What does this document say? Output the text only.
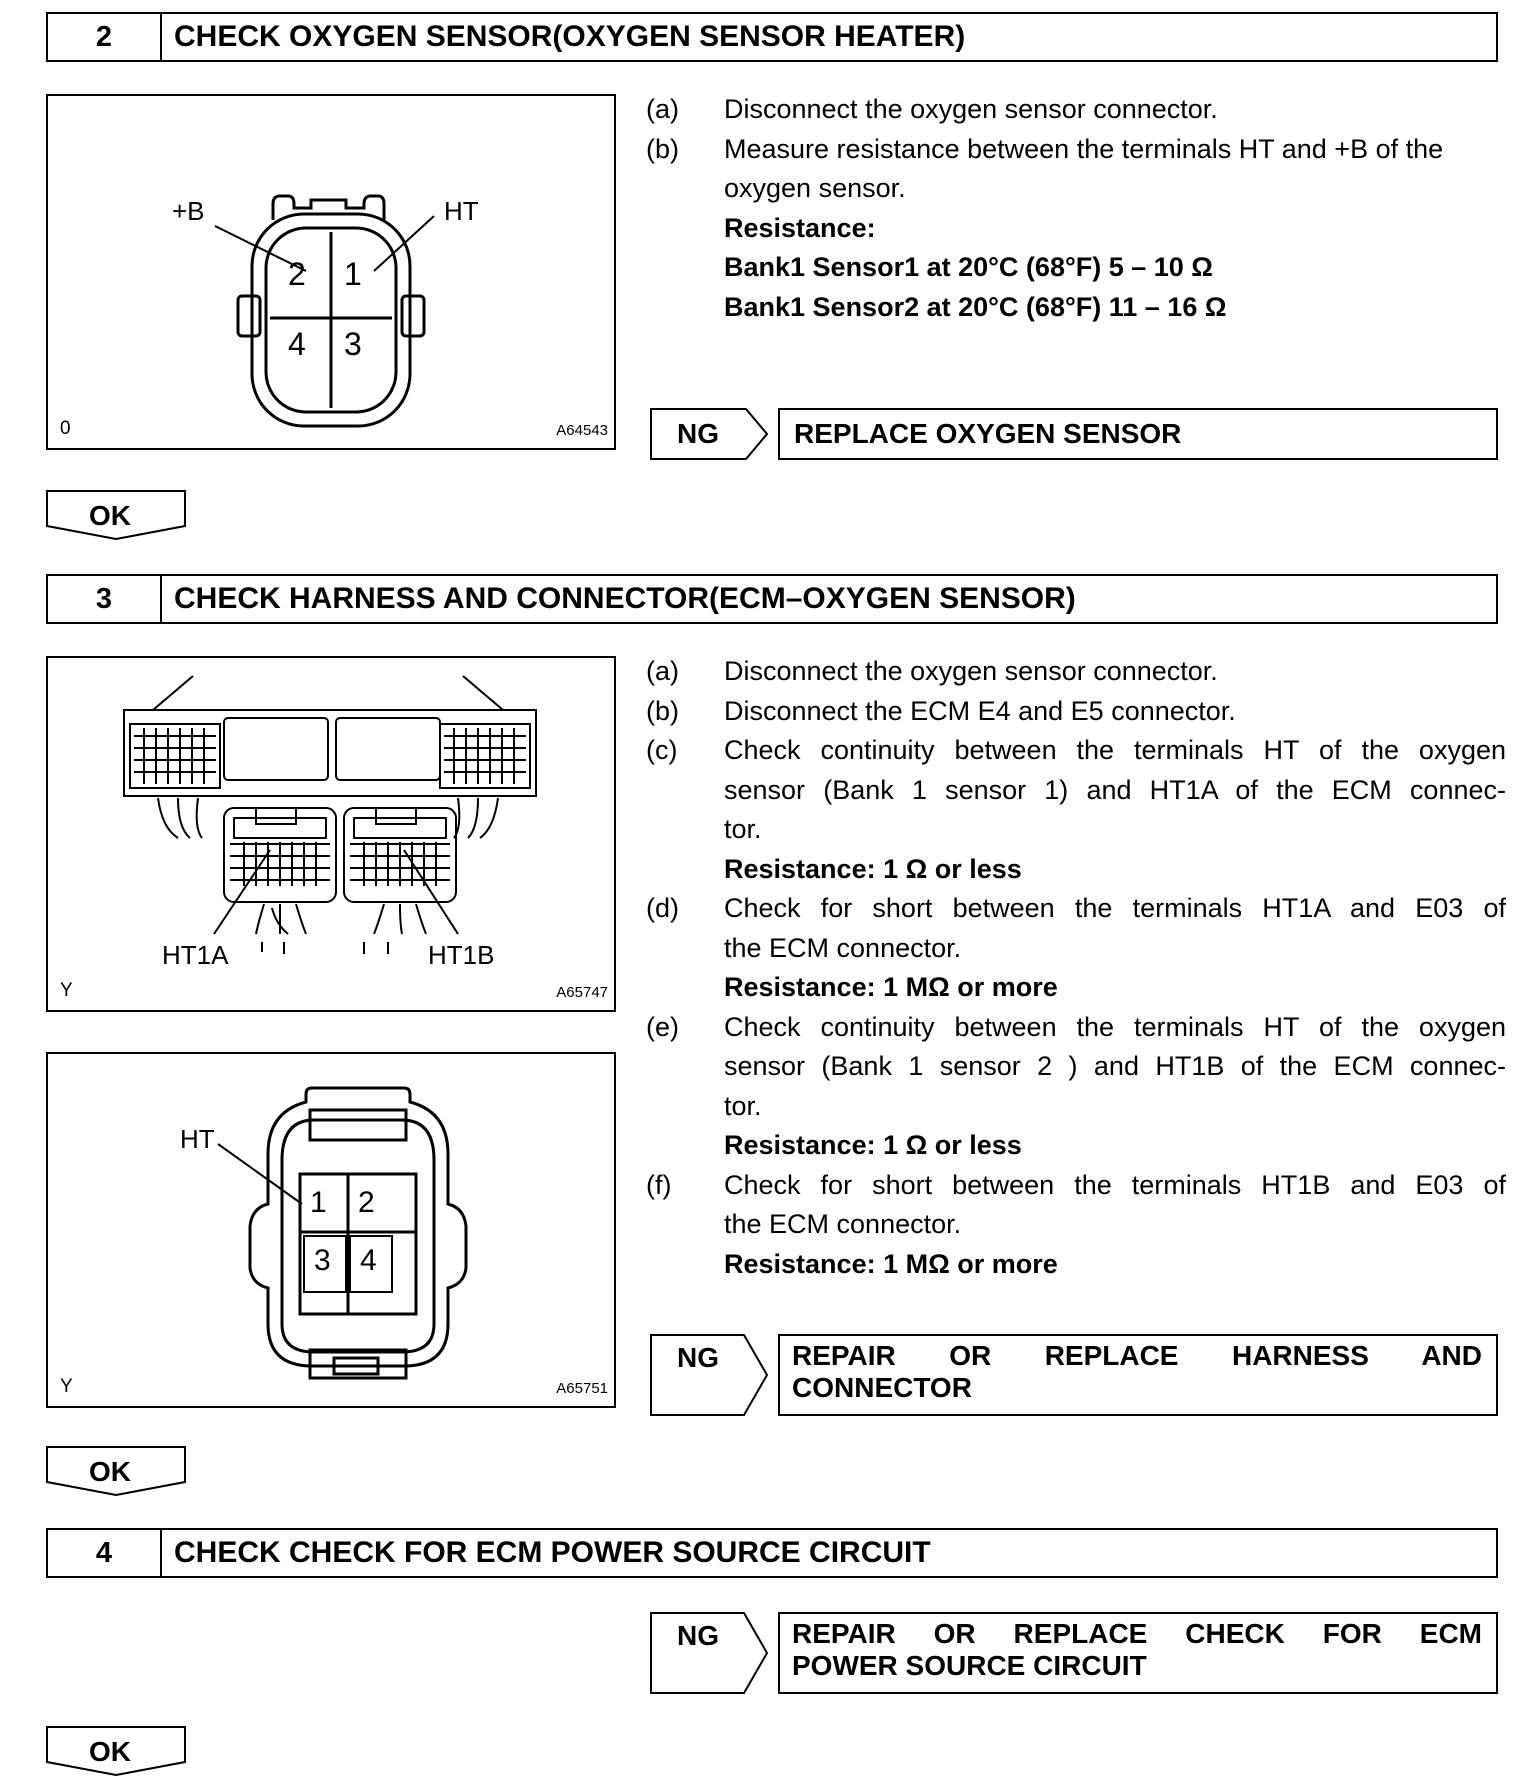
2	CHECK OXYGEN SENSOR(OXYGEN SENSOR HEATER)
+B	HT
2 1
4 3
0	A64543
(a) Disconnect the oxygen sensor connector.
(b) Measure resistance between the terminals HT and +B of the oxygen sensor.
Resistance:
Bank1 Sensor1 at 20°C (68°F) 5 – 10 Ω
Bank1 Sensor2 at 20°C (68°F) 11 – 16 Ω
NG	REPLACE OXYGEN SENSOR
OK
3	CHECK HARNESS AND CONNECTOR(ECM–OXYGEN SENSOR)
HT1A	HT1B
Y	A65747
HT
1 2
3 4
Y	A65751
(a) Disconnect the oxygen sensor connector.
(b) Disconnect the ECM E4 and E5 connector.
(c) Check continuity between the terminals HT of the oxygen
sensor (Bank 1 sensor 1) and HT1A of the ECM connec-
tor.
Resistance: 1 Ω or less
(d) Check for short between the terminals HT1A and E03 of
the ECM connector.
Resistance: 1 MΩ or more
(e) Check continuity between the terminals HT of the oxygen
sensor (Bank 1 sensor 2 ) and HT1B of the ECM connec-
tor.
Resistance: 1 Ω or less
(f) Check for short between the terminals HT1B and E03 of
the ECM connector.
Resistance: 1 MΩ or more
NG	REPAIR OR REPLACE HARNESS AND
CONNECTOR
OK
4	CHECK CHECK FOR ECM POWER SOURCE CIRCUIT
NG	REPAIR OR REPLACE CHECK FOR ECM
POWER SOURCE CIRCUIT
OK
